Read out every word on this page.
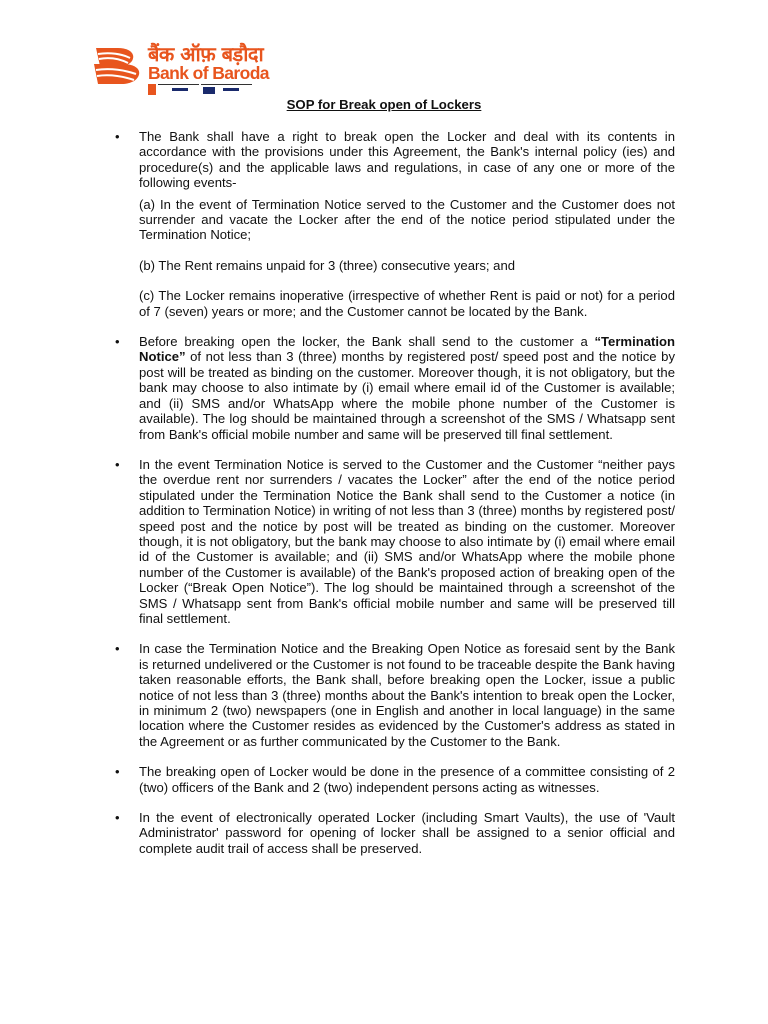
बैंक ऑफ़ बड़ौदा
Bank of Baroda
SOP for Break open of Lockers
• The Bank shall have a right to break open the Locker and deal with its contents in accordance with the provisions under this Agreement, the Bank's internal policy (ies) and procedure(s) and the applicable laws and regulations, in case of any one or more of the following events-

(a) In the event of Termination Notice served to the Customer and the Customer does not surrender and vacate the Locker after the end of the notice period stipulated under the Termination Notice;

(b) The Rent remains unpaid for 3 (three) consecutive years; and

(c) The Locker remains inoperative (irrespective of whether Rent is paid or not) for a period of 7 (seven) years or more; and the Customer cannot be located by the Bank.

• Before breaking open the locker, the Bank shall send to the customer a “Termination Notice” of not less than 3 (three) months by registered post/ speed post and the notice by post will be treated as binding on the customer. Moreover though, it is not obligatory, but the bank may choose to also intimate by (i) email where email id of the Customer is available; and (ii) SMS and/or WhatsApp where the mobile phone number of the Customer is available). The log should be maintained through a screenshot of the SMS / Whatsapp sent from Bank's official mobile number and same will be preserved till final settlement.

• In the event Termination Notice is served to the Customer and the Customer “neither pays the overdue rent nor surrenders / vacates the Locker” after the end of the notice period stipulated under the Termination Notice the Bank shall send to the Customer a notice (in addition to Termination Notice) in writing of not less than 3 (three) months by registered post/ speed post and the notice by post will be treated as binding on the customer. Moreover though, it is not obligatory, but the bank may choose to also intimate by (i) email where email id of the Customer is available; and (ii) SMS and/or WhatsApp where the mobile phone number of the Customer is available) of the Bank's proposed action of breaking open of the Locker (“Break Open Notice”). The log should be maintained through a screenshot of the SMS / Whatsapp sent from Bank's official mobile number and same will be preserved till final settlement.

• In case the Termination Notice and the Breaking Open Notice as foresaid sent by the Bank is returned undelivered or the Customer is not found to be traceable despite the Bank having taken reasonable efforts, the Bank shall, before breaking open the Locker, issue a public notice of not less than 3 (three) months about the Bank's intention to break open the Locker, in minimum 2 (two) newspapers (one in English and another in local language) in the same location where the Customer resides as evidenced by the Customer's address as stated in the Agreement or as further communicated by the Customer to the Bank.

• The breaking open of Locker would be done in the presence of a committee consisting of 2 (two) officers of the Bank and 2 (two) independent persons acting as witnesses.

• In the event of electronically operated Locker (including Smart Vaults), the use of 'Vault Administrator' password for opening of locker shall be assigned to a senior official and complete audit trail of access shall be preserved.
